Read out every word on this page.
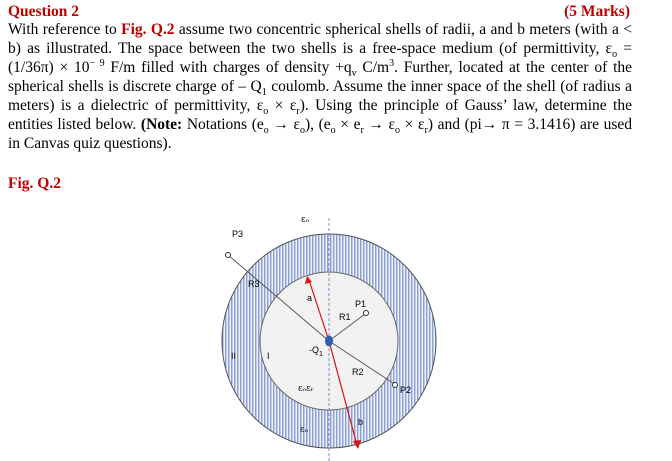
Question 2	(5 Marks)
With reference to Fig. Q.2 assume two concentric spherical shells of radii, a and b meters (with a < b) as illustrated. The space between the two shells is a free-space medium (of permittivity, $\varepsilon_o = (1/36\pi) \times 10^{- 9}$ F/m filled with charges of density $+q_v$ $C/m^3$. Further, located at the center of the spherical shells is discrete charge of – $Q_1$ coulomb. Assume the inner space of the shell (of radius a meters) is a dielectric of permittivity, $\varepsilon_o \times \varepsilon_r$). Using the principle of Gauss’ law, determine the entities listed below. (Note: Notations $(e_o \to \varepsilon_o)$, $(e_o \times e_r \to \varepsilon_o \times \varepsilon_r)$ and (pi→ π = 3.1416) are used in Canvas quiz questions).
Fig. Q.2
εₒ
P3
R3
a
P1
R1
$-Q_1$
II	I
R2
P2
εₒεᵣ
εₒ
b
